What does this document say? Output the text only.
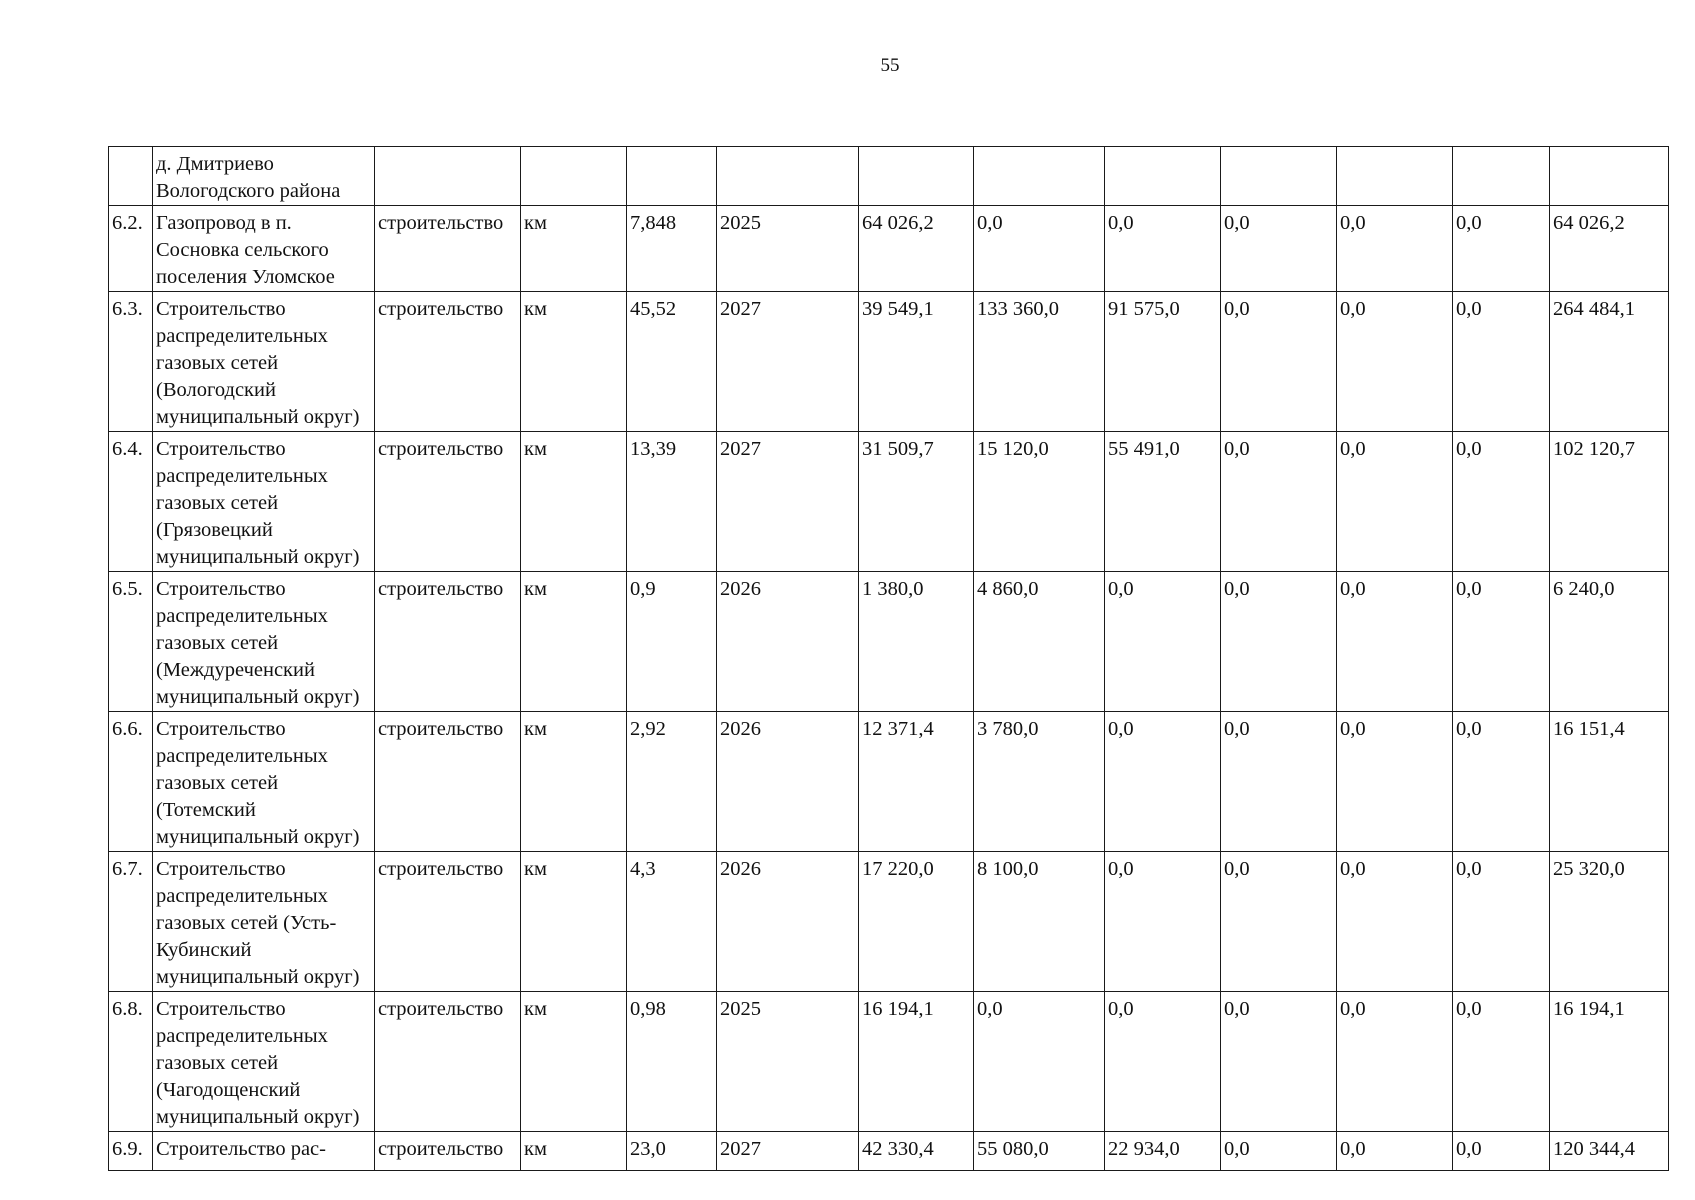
55
	д. Дмитриево Вологодского района											
6.2.	Газопровод в п. Сосновка сельского поселения Уломское	строительство	км	7,848	2025	64 026,2	0,0	0,0	0,0	0,0	0,0	64 026,2
6.3.	Строительство распределительных газовых сетей (Вологодский муниципальный округ)	строительство	км	45,52	2027	39 549,1	133 360,0	91 575,0	0,0	0,0	0,0	264 484,1
6.4.	Строительство распределительных газовых сетей (Грязовецкий муниципальный округ)	строительство	км	13,39	2027	31 509,7	15 120,0	55 491,0	0,0	0,0	0,0	102 120,7
6.5.	Строительство распределительных газовых сетей (Междуреченский муниципальный округ)	строительство	км	0,9	2026	1 380,0	4 860,0	0,0	0,0	0,0	0,0	6 240,0
6.6.	Строительство распределительных газовых сетей (Тотемский муниципальный округ)	строительство	км	2,92	2026	12 371,4	3 780,0	0,0	0,0	0,0	0,0	16 151,4
6.7.	Строительство распределительных газовых сетей (Усть-Кубинский муниципальный округ)	строительство	км	4,3	2026	17 220,0	8 100,0	0,0	0,0	0,0	0,0	25 320,0
6.8.	Строительство распределительных газовых сетей (Чагодощенский муниципальный округ)	строительство	км	0,98	2025	16 194,1	0,0	0,0	0,0	0,0	0,0	16 194,1
6.9.	Строительство рас-	строительство	км	23,0	2027	42 330,4	55 080,0	22 934,0	0,0	0,0	0,0	120 344,4
